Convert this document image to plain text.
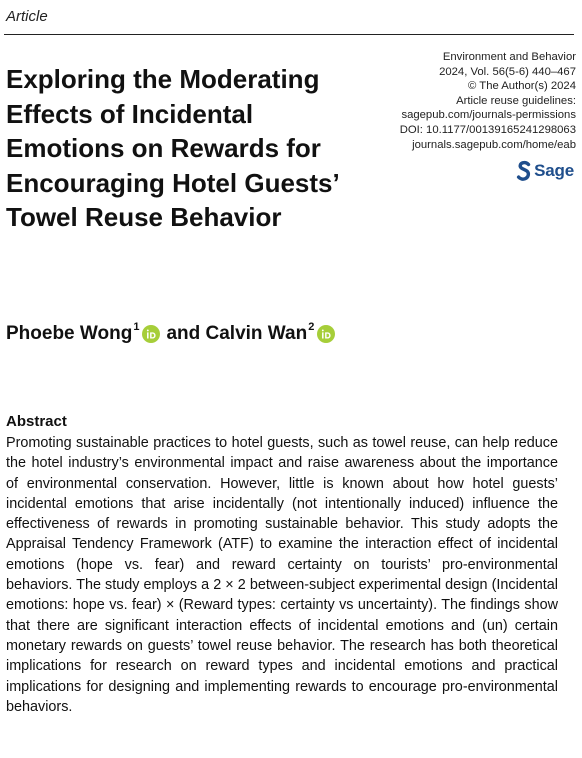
Article
Exploring the Moderating Effects of Incidental Emotions on Rewards for Encouraging Hotel Guests’ Towel Reuse Behavior
Environment and Behavior
2024, Vol. 56(5-6) 440–467
© The Author(s) 2024
Article reuse guidelines:
sagepub.com/journals-permissions
DOI: 10.1177/00139165241298063
journals.sagepub.com/home/eab
Sage
Phoebe Wong$^1$ and
Calvin Wan$^2$
Abstract

Promoting sustainable practices to hotel guests, such as towel reuse, can help reduce the hotel industry’s environmental impact and raise awareness about the importance of environmental conservation. However, little is known about how hotel guests’ incidental emotions that arise incidentally (not intentionally induced) influence the effectiveness of rewards in promoting sustainable behavior. This study adopts the Appraisal Tendency Framework (ATF) to examine the interaction effect of incidental emotions (hope vs. fear) and reward certainty on tourists’ pro-environmental behaviors. The study employs a 2 × 2 between-subject experimental design (Incidental emotions: hope vs. fear) × (Reward types: certainty vs uncertainty). The findings show that there are significant interaction effects of incidental emotions and (un) certain monetary rewards on guests’ towel reuse behavior. The research has both theoretical implications for research on reward types and incidental emotions and practical implications for designing and implementing rewards to encourage pro-environmental behaviors.
